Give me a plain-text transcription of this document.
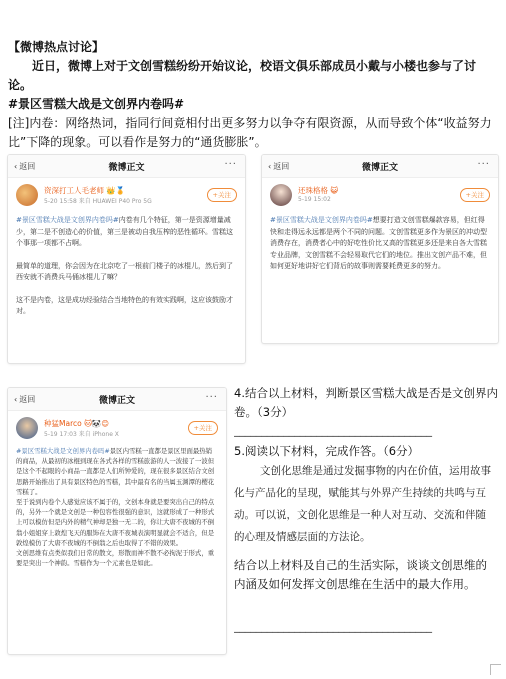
【微博热点讨论】
近日，微博上对于文创雪糕纷纷开始议论，校语文俱乐部成员小戴与小楼也参与了讨论。
#景区雪糕大战是文创界内卷吗#
[注]内卷：网络热词，指同行间竟相付出更多努力以争夺有限资源，从而导致个体“收益努力比”下降的现象。可以看作是努力的“通货膨胀”。
‹ 返回	微博正文	···
资深打工人毛老师 👑🏅
5-20 15:58 来自 HUAWEI P40 Pro 5G
+关注
#景区雪糕大战是文创界内卷吗#内卷有几个特征，第一是资源增量减少，第二是不创造心的价值，第三是被动自我压榨的恶性循环。雪糕这个事那一项都不占啊。
最简单的道理，你会因为在北京吃了一根前门楼子的冰棍儿，然后到了西安就不消费兵马俑冰棍儿了嘛？
这不是内卷，这是成功经验结合当地特色的有效实践啊，这应该鼓励才对。
‹ 返回	微博正文	···
还珠格格 😺
5-19 15:02
+关注
#景区雪糕大战是文创界内卷吗#想要打造文创雪糕爆款容易，但红得快和走得远永远都是两个不同的问题。文创雪糕更多作为景区的冲动型消费存在，消费者心中的好吃性价比又高的雪糕更多还是来自各大雪糕专业品牌，文创雪糕不会轻易取代它们的地位。推出文创产品不难，但如何更好地讲好它们背后的故事则需要耗费更多的努力。
‹ 返回	微博正文	···
种猛Marco 🐱🐼😊
5-19 17:03 来自 iPhone X
+关注
#景区雪糕大战是文创界内卷吗#景区内雪糕一直都是景区里面最热销的商品，从最初的冰棍到现在各式各样的雪糕旅游的人一波接了一波但是这个不起眼的小商品一直都是人们所钟爱的，现在很多景区结合文创思路开始推出了具有景区特色的雪糕，其中最有名的当属玉渊潭的樱花雪糕了。
至于说到内卷个人感觉应该不属于的，文创本身就是要突出自己的特点的，另外一个就是文创是一种包容性很强的意识，这就形成了一种形式上可以模仿但是内外的精气神却是独一无二的，你让大唐不夜城的不倒翁小姐姐穿上敦煌飞天的服饰在大唐不夜城表演明显就会不适合，但是敦煌模仿了大唐不夜城的不倒翁之后也取得了不错的效果。
文创思维有点类似我们日常的散文，形散而神不散不必拘泥于形式，重要是突出一个神韵。雪糕作为一个元素也是如此。
4.结合以上材料，判断景区雪糕大战是否是文创界内卷。（3分）
____________________________________
5.阅读以下材料，完成作答。（6分）
文创化思维是通过发掘事物的内在价值，运用故事化与产品化的呈现，赋能其与外界产生持续的共鸣与互动。可以说，文创化思维是一种人对互动、交流和伴随的心理及情感层面的方法论。
结合以上材料及自己的生活实际，谈谈文创思维的内涵及如何发挥文创思维在生活中的最大作用。
____________________________________
